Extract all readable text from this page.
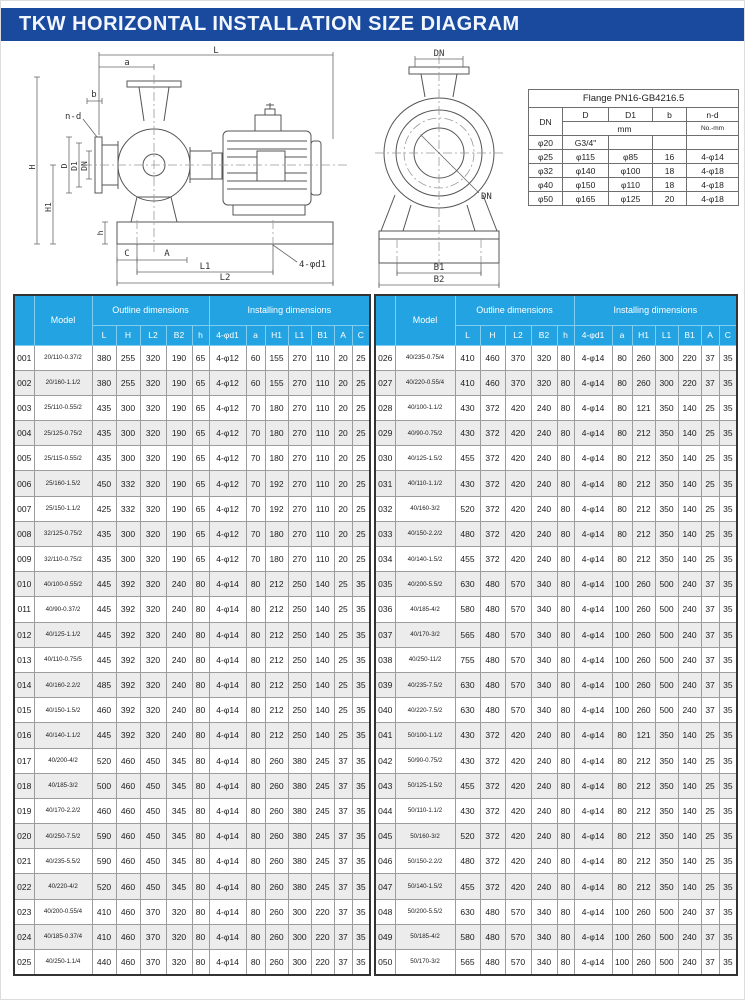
TKW HORIZONTAL INSTALLATION SIZE DIAGRAM
L
a
b
n-d
H
H1
D D1 DN
h
C	A
L1
L2
4-φd1
DN
DN
B1
B2
Flange PN16-GB4216.5				
DN	D	D1	b	n-d
	mm			No.-mm
φ20	G3/4"			
φ25	φ115	φ85	16	4-φ14
φ32	φ140	φ100	18	4-φ18
φ40	φ150	φ110	18	4-φ18
φ50	φ165	φ125	20	4-φ18
	Model	Outline dimensions					Installing dimensions						
		L	H	L2	B2	h	4-φd1	a	H1	L1	B1	A	C
001	20/110-0.37/2	380	255	320	190	65	4-φ12	60	155	270	110	20	25
002	20/160-1.1/2	380	255	320	190	65	4-φ12	60	155	270	110	20	25
003	25/110-0.55/2	435	300	320	190	65	4-φ12	70	180	270	110	20	25
004	25/125-0.75/2	435	300	320	190	65	4-φ12	70	180	270	110	20	25
005	25/115-0.55/2	435	300	320	190	65	4-φ12	70	180	270	110	20	25
006	25/160-1.5/2	450	332	320	190	65	4-φ12	70	192	270	110	20	25
007	25/150-1.1/2	425	332	320	190	65	4-φ12	70	192	270	110	20	25
008	32/125-0.75/2	435	300	320	190	65	4-φ12	70	180	270	110	20	25
009	32/110-0.75/2	435	300	320	190	65	4-φ12	70	180	270	110	20	25
010	40/100-0.55/2	445	392	320	240	80	4-φ14	80	212	250	140	25	35
011	40/90-0.37/2	445	392	320	240	80	4-φ14	80	212	250	140	25	35
012	40/125-1.1/2	445	392	320	240	80	4-φ14	80	212	250	140	25	35
013	40/110-0.75/5	445	392	320	240	80	4-φ14	80	212	250	140	25	35
014	40/160-2.2/2	485	392	320	240	80	4-φ14	80	212	250	140	25	35
015	40/150-1.5/2	460	392	320	240	80	4-φ14	80	212	250	140	25	35
016	40/140-1.1/2	445	392	320	240	80	4-φ14	80	212	250	140	25	35
017	40/200-4/2	520	460	450	345	80	4-φ14	80	260	380	245	37	35
018	40/185-3/2	500	460	450	345	80	4-φ14	80	260	380	245	37	35
019	40/170-2.2/2	460	460	450	345	80	4-φ14	80	260	380	245	37	35
020	40/250-7.5/2	590	460	450	345	80	4-φ14	80	260	380	245	37	35
021	40/235-5.5/2	590	460	450	345	80	4-φ14	80	260	380	245	37	35
022	40/220-4/2	520	460	450	345	80	4-φ14	80	260	380	245	37	35
023	40/200-0.55/4	410	460	370	320	80	4-φ14	80	260	300	220	37	35
024	40/185-0.37/4	410	460	370	320	80	4-φ14	80	260	300	220	37	35
025	40/250-1.1/4	440	460	370	320	80	4-φ14	80	260	300	220	37	35
	Model	Outline dimensions					Installing dimensions						
		L	H	L2	B2	h	4-φd1	a	H1	L1	B1	A	C
026	40/235-0.75/4	410	460	370	320	80	4-φ14	80	260	300	220	37	35
027	40/220-0.55/4	410	460	370	320	80	4-φ14	80	260	300	220	37	35
028	40/100-1.1/2	430	372	420	240	80	4-φ14	80	121	350	140	25	35
029	40/90-0.75/2	430	372	420	240	80	4-φ14	80	212	350	140	25	35
030	40/125-1.5/2	455	372	420	240	80	4-φ14	80	212	350	140	25	35
031	40/110-1.1/2	430	372	420	240	80	4-φ14	80	212	350	140	25	35
032	40/160-3/2	520	372	420	240	80	4-φ14	80	212	350	140	25	35
033	40/150-2.2/2	480	372	420	240	80	4-φ14	80	212	350	140	25	35
034	40/140-1.5/2	455	372	420	240	80	4-φ14	80	212	350	140	25	35
035	40/200-5.5/2	630	480	570	340	80	4-φ14	100	260	500	240	37	35
036	40/185-4/2	580	480	570	340	80	4-φ14	100	260	500	240	37	35
037	40/170-3/2	565	480	570	340	80	4-φ14	100	260	500	240	37	35
038	40/250-11/2	755	480	570	340	80	4-φ14	100	260	500	240	37	35
039	40/235-7.5/2	630	480	570	340	80	4-φ14	100	260	500	240	37	35
040	40/220-7.5/2	630	480	570	340	80	4-φ14	100	260	500	240	37	35
041	50/100-1.1/2	430	372	420	240	80	4-φ14	80	121	350	140	25	35
042	50/90-0.75/2	430	372	420	240	80	4-φ14	80	212	350	140	25	35
043	50/125-1.5/2	455	372	420	240	80	4-φ14	80	212	350	140	25	35
044	50/110-1.1/2	430	372	420	240	80	4-φ14	80	212	350	140	25	35
045	50/160-3/2	520	372	420	240	80	4-φ14	80	212	350	140	25	35
046	50/150-2.2/2	480	372	420	240	80	4-φ14	80	212	350	140	25	35
047	50/140-1.5/2	455	372	420	240	80	4-φ14	80	212	350	140	25	35
048	50/200-5.5/2	630	480	570	340	80	4-φ14	100	260	500	240	37	35
049	50/185-4/2	580	480	570	340	80	4-φ14	100	260	500	240	37	35
050	50/170-3/2	565	480	570	340	80	4-φ14	100	260	500	240	37	35
